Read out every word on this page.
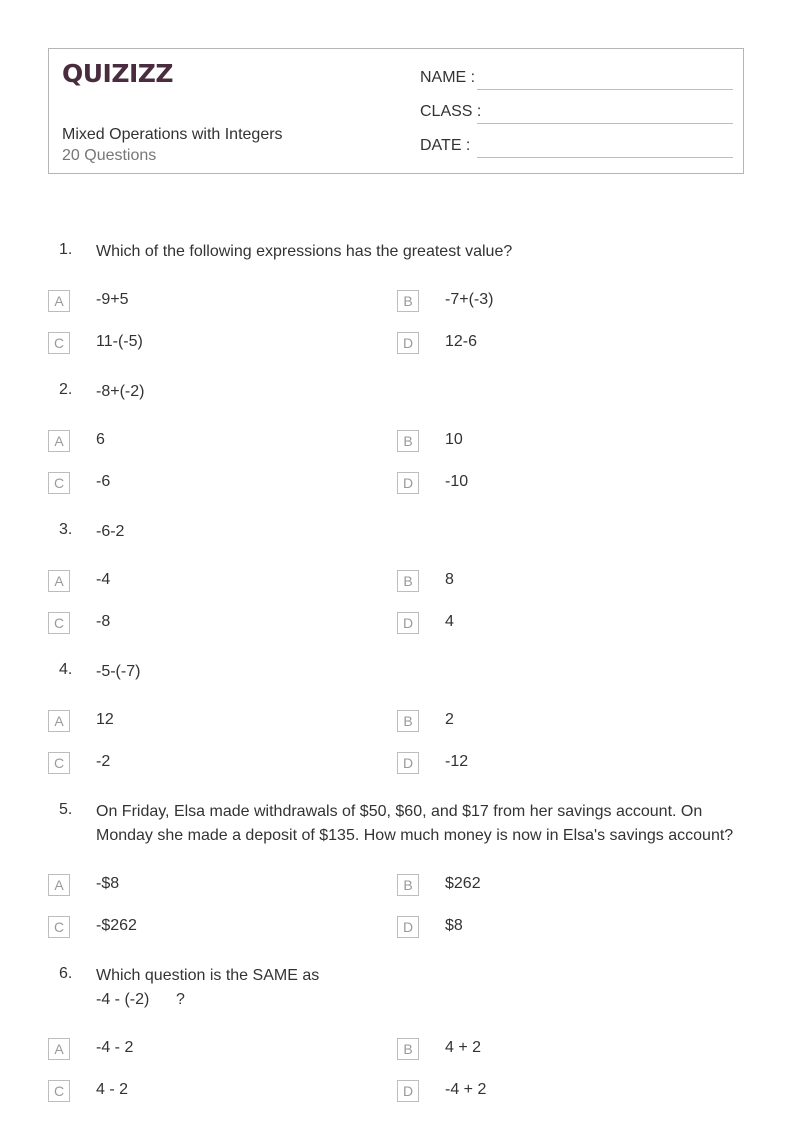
QUIZIZZ
Mixed Operations with Integers
20 Questions
NAME :
CLASS :
DATE :
1. Which of the following expressions has the greatest value?
A	-9+5	B	-7+(-3)
C	11-(-5)	D	12-6
2. -8+(-2)
A	6	B	10
C	-6	D	-10
3. -6-2
A	-4	B	8
C	-8	D	4
4. -5-(-7)
A	12	B	2
C	-2	D	-12
5. On Friday, Elsa made withdrawals of $50, $60, and $17 from her savings account. On
Monday she made a deposit of $135. How much money is now in Elsa's savings account?
A	-$8	B	$262
C	-$262	D	$8
6. Which question is the SAME as
-4 - (-2)      ?
A	-4 - 2	B	4 + 2
C	4 - 2	D	-4 + 2
